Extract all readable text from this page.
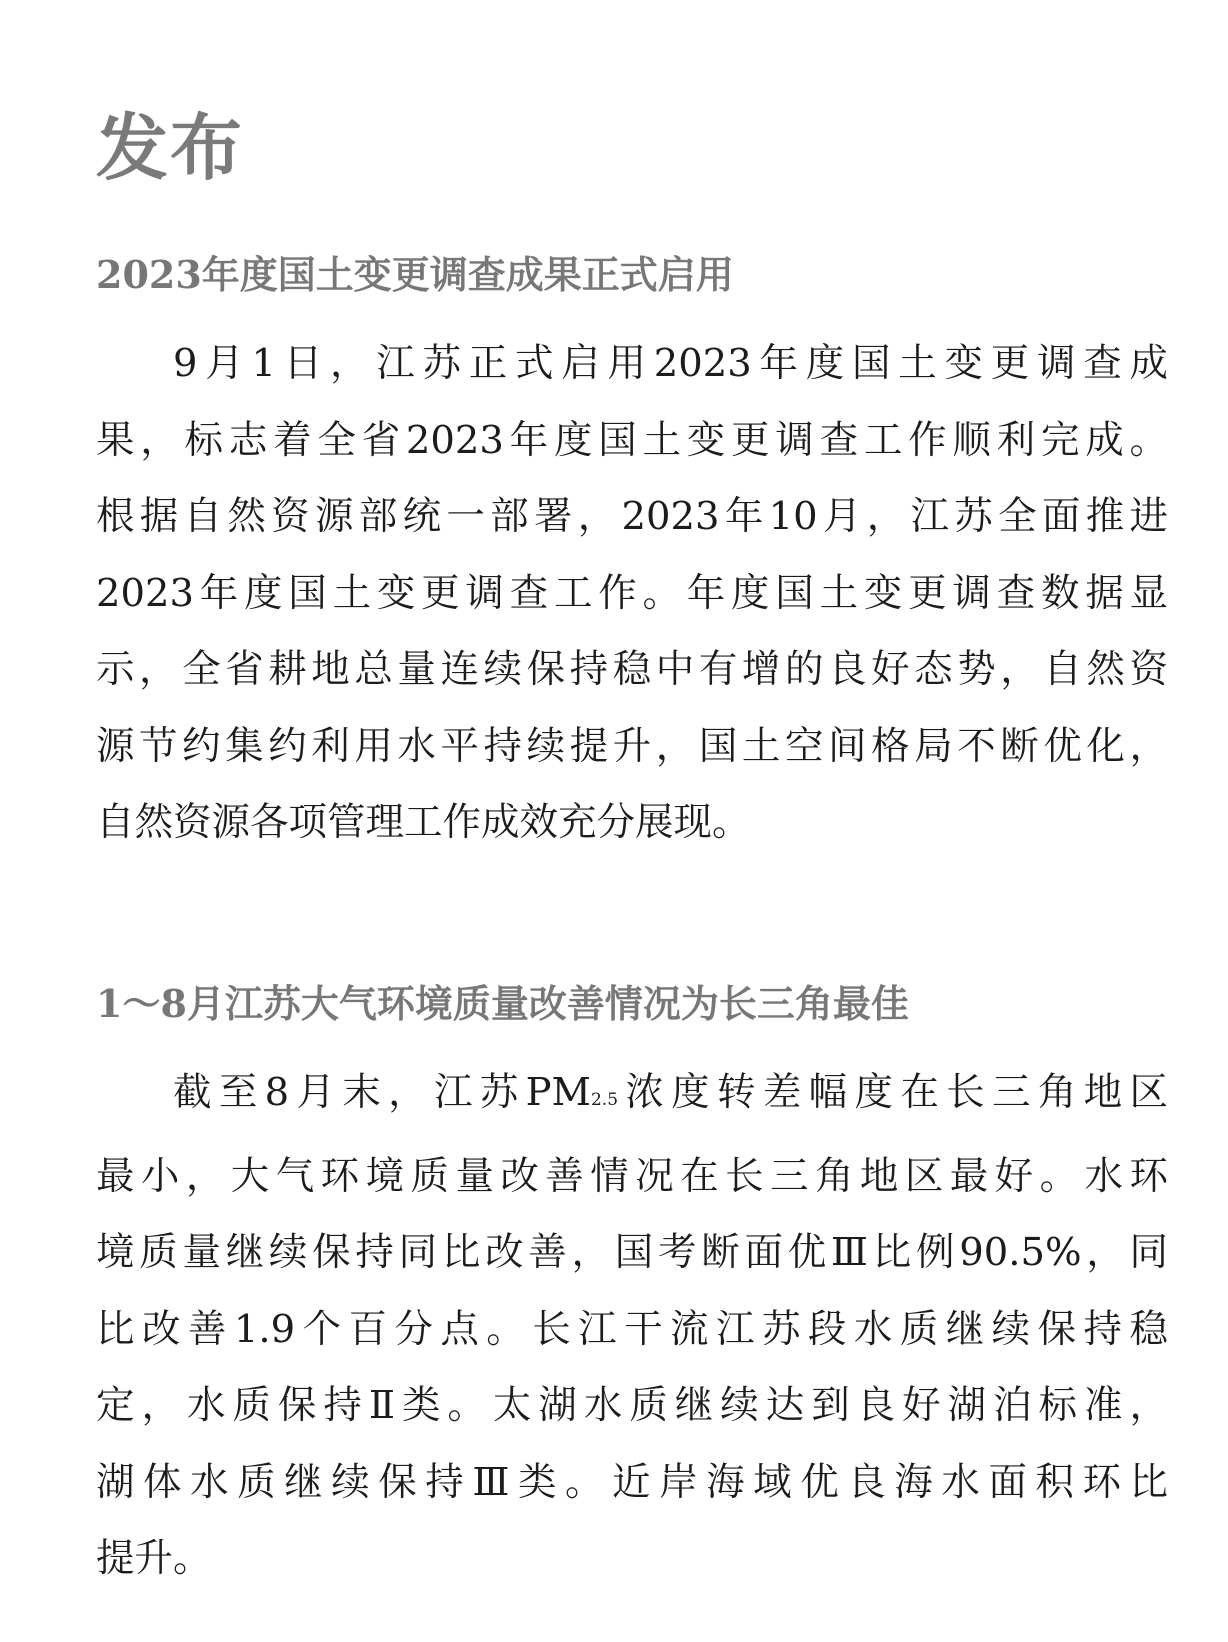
发布
2023年度国土变更调查成果正式启用

9月1日，江苏正式启用2023年度国土变更调查成
果，标志着全省2023年度国土变更调查工作顺利完成。
根据自然资源部统一部署，2023年10月，江苏全面推进
2023年度国土变更调查工作。年度国土变更调查数据显
示，全省耕地总量连续保持稳中有增的良好态势，自然资
源节约集约利用水平持续提升，国土空间格局不断优化，
自然资源各项管理工作成效充分展现。

1～8月江苏大气环境质量改善情况为长三角最佳

截至8月末，江苏PM2.5浓度转差幅度在长三角地区
最小，大气环境质量改善情况在长三角地区最好。水环
境质量继续保持同比改善，国考断面优Ⅲ比例90.5%，同
比改善1.9个百分点。长江干流江苏段水质继续保持稳
定，水质保持Ⅱ类。太湖水质继续达到良好湖泊标准，
湖体水质继续保持Ⅲ类。近岸海域优良海水面积环比
提升。
